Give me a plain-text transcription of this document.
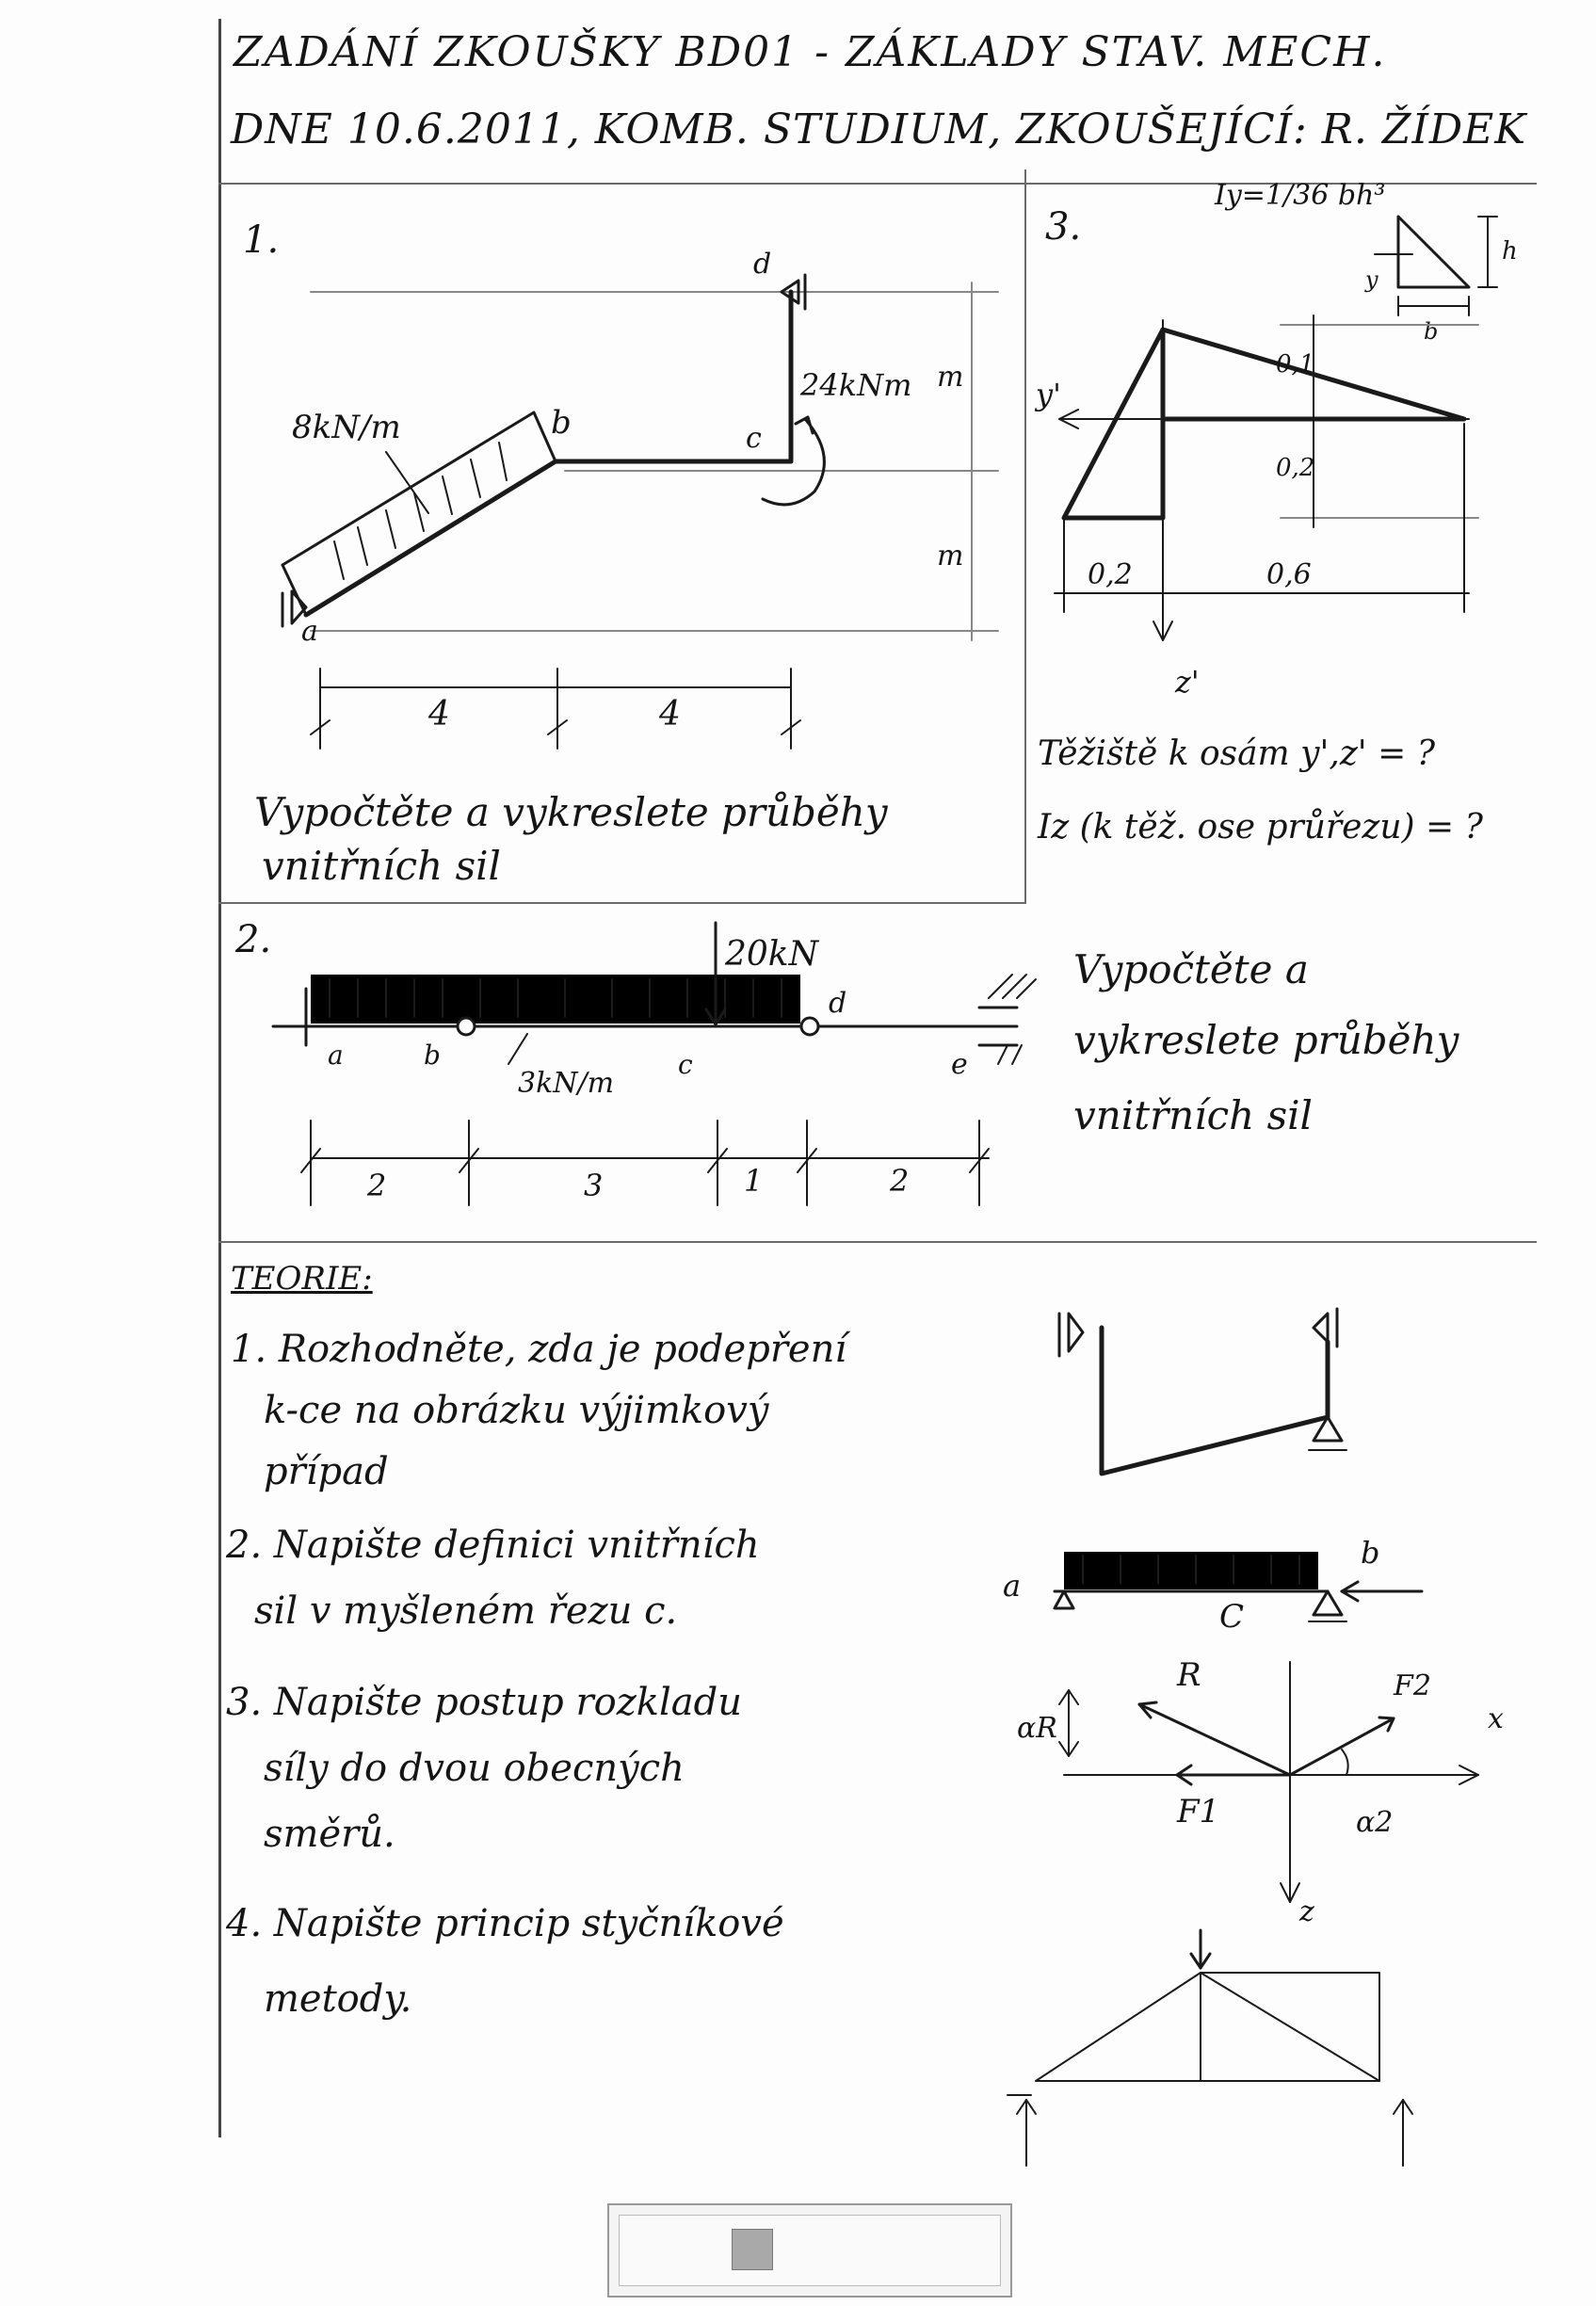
ZADÁNÍ ZKOUŠKY BD01 - ZÁKLADY STAV. MECH.
DNE 10.6.2011, KOMB. STUDIUM, ZKOUŠEJÍCÍ: R. ŽÍDEK
1.
a
b	c
d
8kN/m
24kNm m
m
4	4
Vypočtěte a vykreslete průběhy
vnitřních sil
3.
Iy=1/36 bh³
h
b
y
y'
z'
0,1
0,2
0,2	0,6
Těžiště k osám y',z' = ?
Iz (k těž. ose průřezu) = ?
2.
a	b	c
d
e
20kN
3kN/m
2	3	1	2
Vypočtěte a
vykreslete průběhy
vnitřních sil
TEORIE:
1. Rozhodněte, zda je podepření
k-ce na obrázku výjimkový
případ
2. Napište definici vnitřních
sil v myšleném řezu c.
3. Napište postup rozkladu
síly do dvou obecných
směrů.
4. Napište princip styčníkové
metody.
a
b
C
R	F2
F1
αR
α2
x
z
